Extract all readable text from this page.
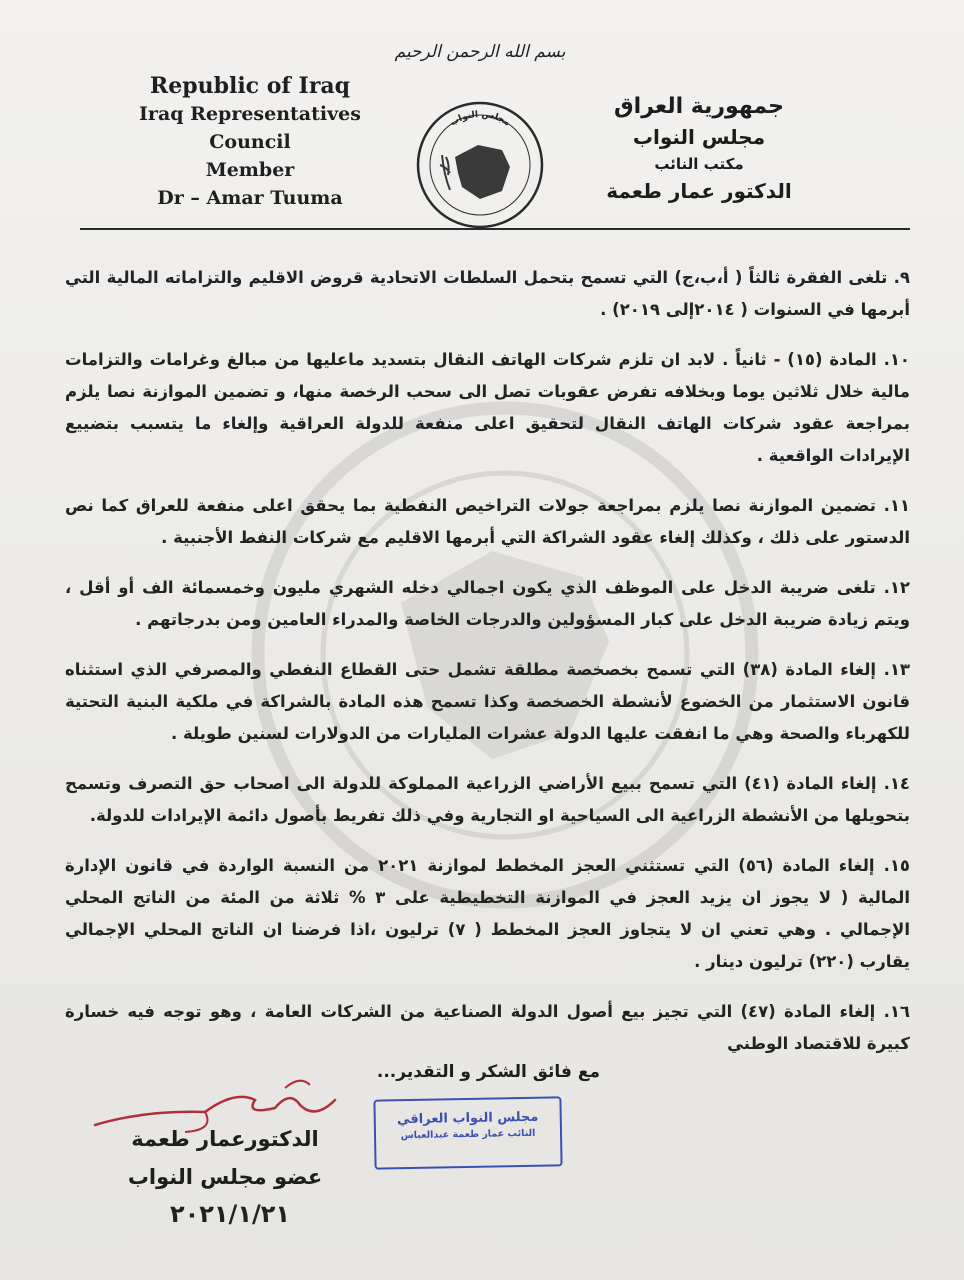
بسم الله الرحمن الرحيم
Republic of Iraq
Iraq Representatives Council
Member
Dr – Amar Tuuma
مجلس النواب
جمهورية العراق
مجلس النواب
مكتب النائب
الدكتور عمار طعمة

٩. تلغى الفقرة ثالثاً ( أ،ب،ج) التي تسمح بتحمل السلطات الاتحادية قروض الاقليم والتزاماته المالية التي أبرمها في السنوات ( ٢٠١٤إلى ٢٠١٩) .

١٠. المادة (١٥) - ثانياً . لابد ان تلزم شركات الهاتف النقال بتسديد ماعليها من مبالغ وغرامات والتزامات مالية خلال ثلاثين يوما وبخلافه تفرض عقوبات تصل الى سحب الرخصة منها، و تضمين الموازنة نصا يلزم بمراجعة عقود شركات الهاتف النقال لتحقيق اعلى منفعة للدولة العراقية وإلغاء ما يتسبب بتضييع الإيرادات الواقعية .

١١. تضمين الموازنة نصا يلزم بمراجعة جولات التراخيص النفطية بما يحقق اعلى منفعة للعراق كما نص الدستور على ذلك ، وكذلك إلغاء عقود الشراكة التي أبرمها الاقليم مع شركات النفط الأجنبية .

١٢. تلغى ضريبة الدخل على الموظف الذي يكون اجمالي دخله الشهري مليون وخمسمائة الف أو أقل ، ويتم زيادة ضريبة الدخل على كبار المسؤولين والدرجات الخاصة والمدراء العامين ومن بدرجاتهم .

١٣. إلغاء المادة (٣٨) التي تسمح بخصخصة مطلقة تشمل حتى القطاع النفطي والمصرفي الذي استثناه قانون الاستثمار من الخضوع لأنشطة الخصخصة وكذا تسمح هذه المادة بالشراكة في ملكية البنية التحتية للكهرباء والصحة وهي ما انفقت عليها الدولة عشرات المليارات من الدولارات لسنين طويلة .

١٤. إلغاء المادة (٤١) التي تسمح ببيع الأراضي الزراعية المملوكة للدولة الى اصحاب حق التصرف وتسمح بتحويلها من الأنشطة الزراعية الى السياحية او التجارية وفي ذلك تفريط بأصول دائمة الإيرادات للدولة.

١٥. إلغاء المادة (٥٦) التي تستثني العجز المخطط لموازنة ٢٠٢١ من النسبة الواردة في قانون الإدارة المالية ( لا يجوز ان يزيد العجز في الموازنة التخطيطية على ٣ % ثلاثة من المئة من الناتج المحلي الإجمالي . وهي تعني ان لا يتجاوز العجز المخطط ( ٧) ترليون ،اذا فرضنا ان الناتج المحلي الإجمالي يقارب (٢٢٠) ترليون دينار .

١٦. إلغاء المادة (٤٧) التي تجيز بيع أصول الدولة الصناعية من الشركات العامة ، وهو توجه فيه خسارة كبيرة للاقتصاد الوطني

مع فائق الشكر و التقدير...
مجلس النواب العراقي
النائب عمار طعمة عبدالعباس
الدكتورعمار طعمة
عضو مجلس النواب
٢٠٢١/١/٢١
